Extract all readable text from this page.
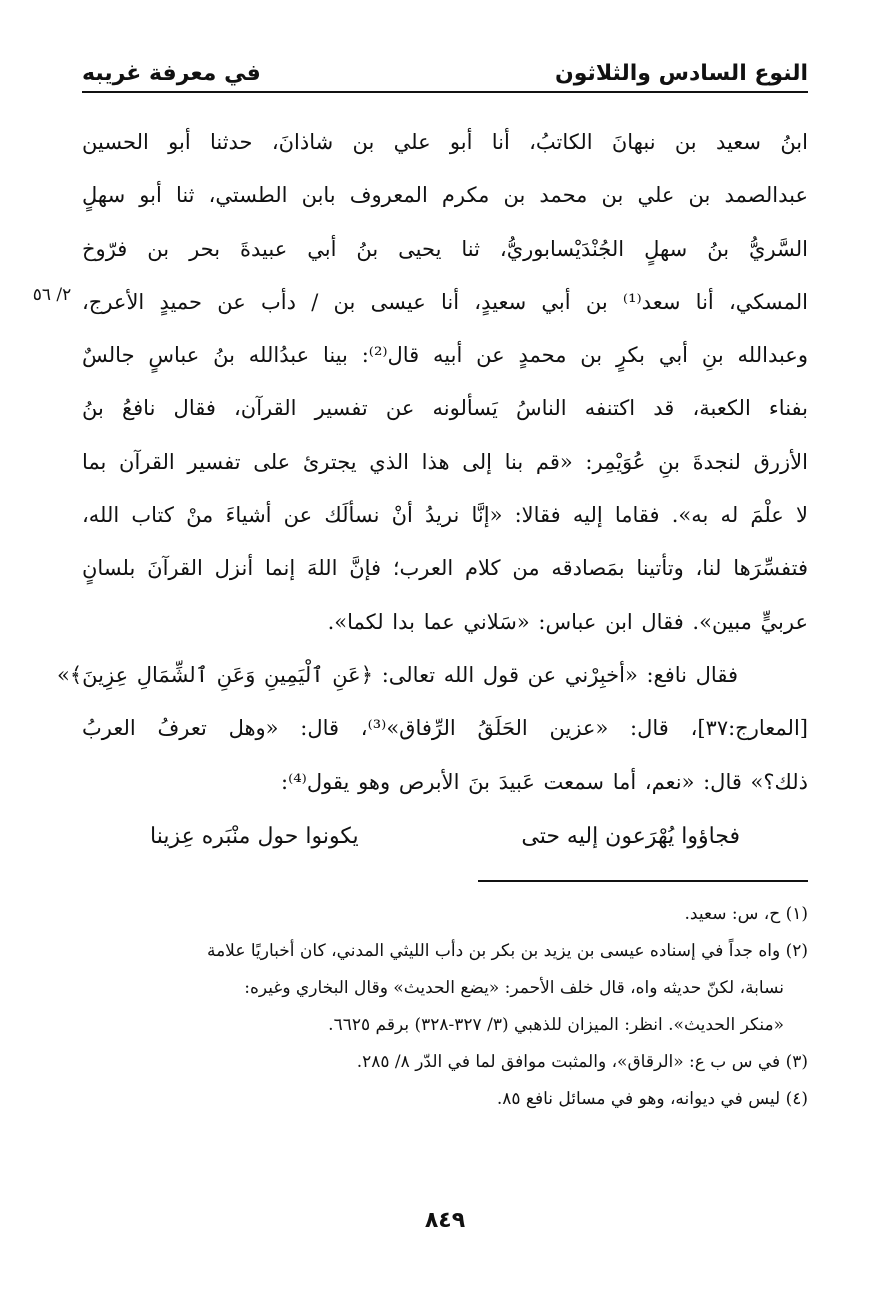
النوع السادس والثلاثون
في معرفة غريبه
٢/ ٥٦
ابنُ سعيد بن نبهانَ الكاتبُ، أنا أبو علي بن شاذانَ، حدثنا أبو الحسين
عبدالصمد بن علي بن محمد بن مكرم المعروف بابن الطستي، ثنا أبو سهلٍ
السَّريُّ بنُ سهلٍ الجُنْدَيْسابوريُّ، ثنا يحيى بنُ أبي عبيدةَ بحر بن فرّوخ
المسكي، أنا سعد⁽¹⁾ بن أبي سعيدٍ، أنا عيسى بن / دأب عن حميدٍ الأعرج،
وعبدالله بنِ أبي بكرٍ بن محمدٍ عن أبيه قال⁽²⁾: بينا عبدُالله بنُ عباسٍ جالسٌ
بفناء الكعبة، قد اكتنفه الناسُ يَسألونه عن تفسير القرآن، فقال نافعُ بنُ
الأزرق لنجدةَ بنِ عُوَيْمِر: «قم بنا إلى هذا الذي يجترئ على تفسير القرآن بما
لا علْمَ له به». فقاما إليه فقالا: «إنَّا نريدُ أنْ نسألَك عن أشياءَ منْ كتاب الله،
فتفسِّرَها لنا، وتأتينا بمَصادقه من كلام العرب؛ فإنَّ اللهَ إنما أنزل القرآنَ بلسانٍ
عربيٍّ مبين». فقال ابن عباس: «سَلاني عما بدا لكما».
فقال نافع: «أخبِرْني عن قول الله تعالى: ﴿عَنِ ٱلْيَمِينِ وَعَنِ ٱلشِّمَالِ عِزِينَ﴾»
[المعارج:٣٧]، قال: «عزين الحَلَقُ الرِّفاق»⁽³⁾، قال: «وهل تعرفُ العربُ
ذلك؟» قال: «نعم، أما سمعت عَبيدَ بنَ الأبرص وهو يقول⁽⁴⁾:
فجاؤوا يُهْرَعون إليه حتى
يكونوا حول منْبَره عِزينا
(١) ح، س: سعيد.
(٢) واه جداً في إسناده عيسى بن يزيد بن بكر بن دأب الليثي المدني، كان أخباريًا علامة
نسابة، لكنّ حديثه واه، قال خلف الأحمر: «يضع الحديث» وقال البخاري وغيره:
«منكر الحديث». انظر: الميزان للذهبي (٣/ ٣٢٧-٣٢٨) برقم ٦٦٢٥.
(٣) في س ب ع: «الرقاق»، والمثبت موافق لما في الدّر ٨/ ٢٨٥.
(٤) ليس في ديوانه، وهو في مسائل نافع ٨٥.
٨٤٩
